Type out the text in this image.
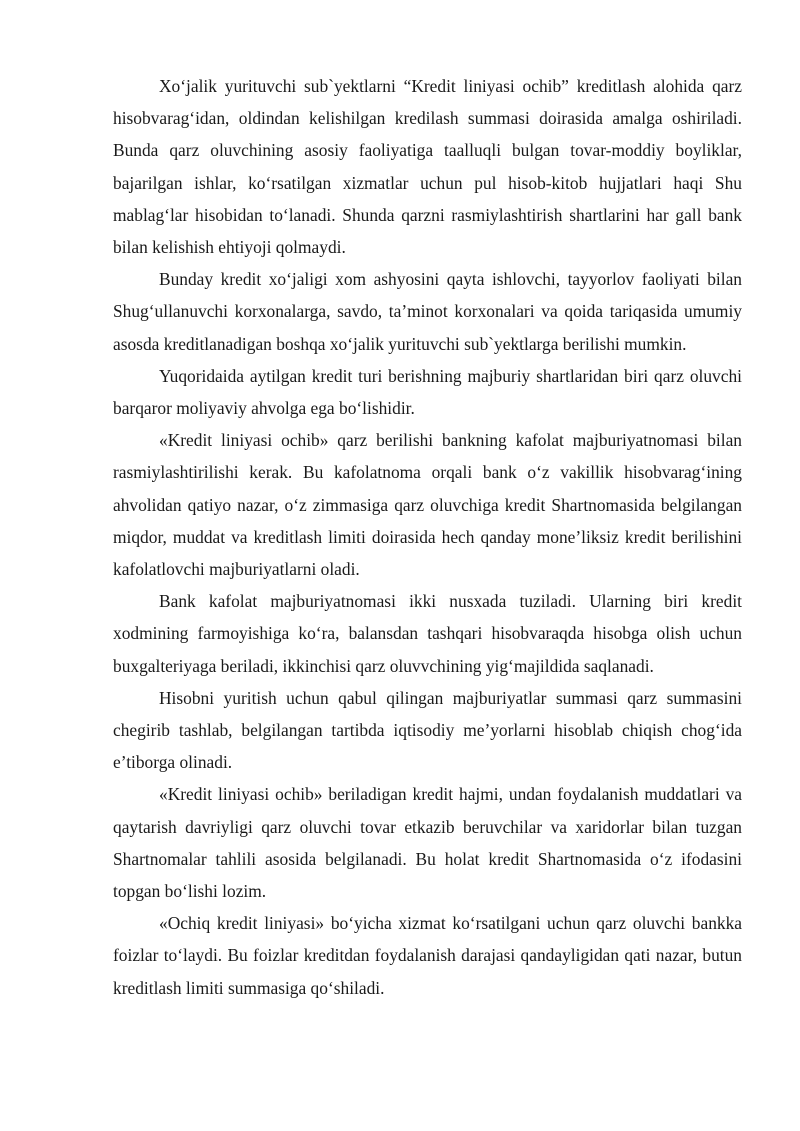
Xo‘jalik yurituvchi sub`yektlarni “Kredit liniyasi ochib” kreditlash alohida qarz hisobvarag‘idan, oldindan kelishilgan kredilash summasi doirasida amalga oshiriladi. Bunda qarz oluvchining asosiy faoliyatiga taalluqli bulgan tovar-moddiy boyliklar, bajarilgan ishlar, ko‘rsatilgan xizmatlar uchun pul hisob-kitob hujjatlari haqi Shu mablag‘lar hisobidan to‘lanadi. Shunda qarzni rasmiylashtirish shartlarini har gall bank bilan kelishish ehtiyoji qolmaydi.

Bunday kredit xo‘jaligi xom ashyosini qayta ishlovchi, tayyorlov faoliyati bilan Shug‘ullanuvchi korxonalarga, savdo, ta’minot korxonalari va qoida tariqasida umumiy asosda kreditlanadigan boshqa xo‘jalik yurituvchi sub`yektlarga berilishi mumkin.

Yuqoridaida aytilgan kredit turi berishning majburiy shartlaridan biri qarz oluvchi barqaror moliyaviy ahvolga ega bo‘lishidir.

«Kredit liniyasi ochib» qarz berilishi bankning kafolat majburiyatnomasi bilan rasmiylashtirilishi kerak. Bu kafolatnoma orqali bank o‘z vakillik hisobvarag‘ining ahvolidan qatiyo nazar, o‘z zimmasiga qarz oluvchiga kredit Shartnomasida belgilangan miqdor, muddat va kreditlash limiti doirasida hech qanday mone’liksiz kredit berilishini kafolatlovchi majburiyatlarni oladi.

Bank kafolat majburiyatnomasi ikki nusxada tuziladi. Ularning biri kredit xodmining farmoyishiga ko‘ra, balansdan tashqari hisobvaraqda hisobga olish uchun buxgalteriyaga beriladi, ikkinchisi qarz oluvvchining yig‘majildida saqlanadi.

Hisobni yuritish uchun qabul qilingan majburiyatlar summasi qarz summasini chegirib tashlab, belgilangan tartibda iqtisodiy me’yorlarni hisoblab chiqish chog‘ida e’tiborga olinadi.

«Kredit liniyasi ochib» beriladigan kredit hajmi, undan foydalanish muddatlari va qaytarish davriyligi qarz oluvchi tovar etkazib beruvchilar va xaridorlar bilan tuzgan Shartnomalar tahlili asosida belgilanadi. Bu holat kredit Shartnomasida o‘z ifodasini topgan bo‘lishi lozim.

«Ochiq kredit liniyasi» bo‘yicha xizmat ko‘rsatilgani uchun qarz oluvchi bankka foizlar to‘laydi. Bu foizlar kreditdan foydalanish darajasi qandayligidan qati nazar, butun kreditlash limiti summasiga qo‘shiladi.
